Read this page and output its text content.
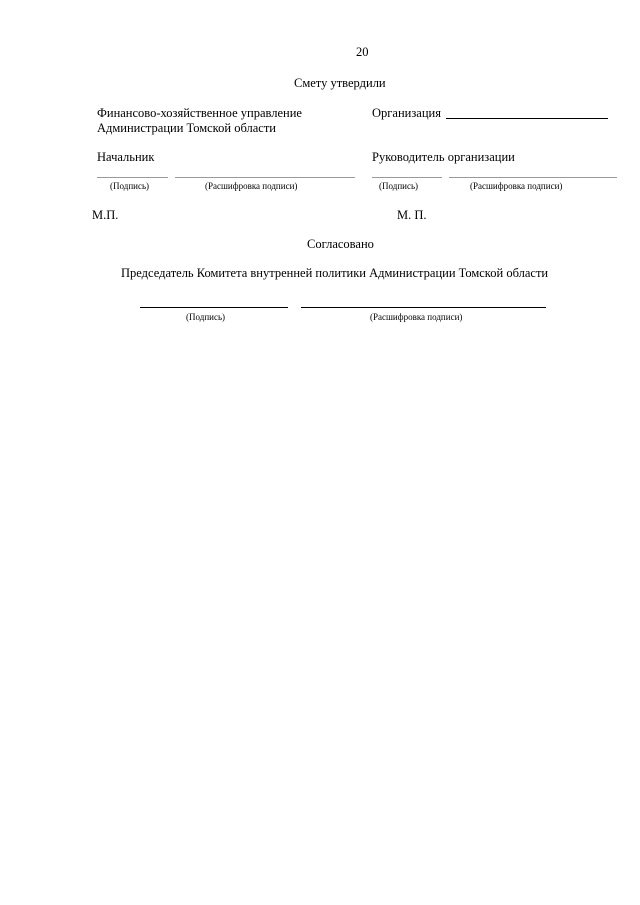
20
Смету утвердили
Финансово-хозяйственное управление
Администрации Томской области
Начальник
(Подпись)	(Расшифровка подписи)
М.П.
Организация
Руководитель организации
(Подпись)	(Расшифровка подписи)
М. П.
Согласовано
Председатель Комитета внутренней политики Администрации Томской области
(Подпись)	(Расшифровка подписи)
